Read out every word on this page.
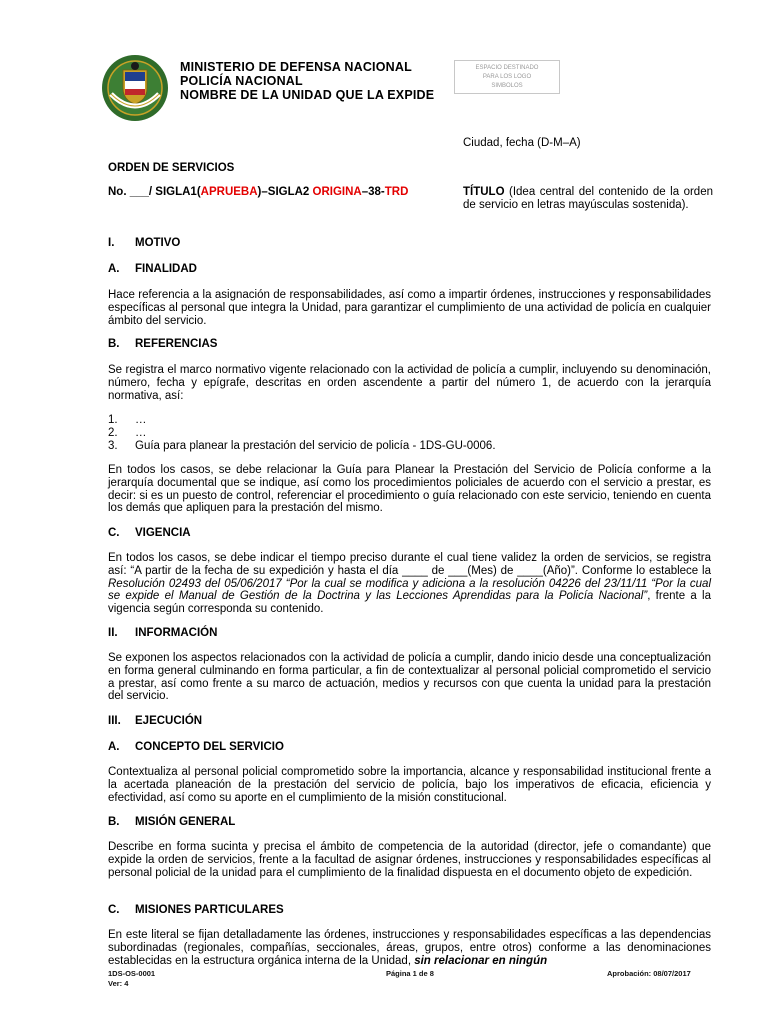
MINISTERIO DE DEFENSA NACIONAL
POLICÍA NACIONAL
NOMBRE DE LA UNIDAD QUE LA EXPIDE
ESPACIO DESTINADO
PARA LOS LOGO
SIMBOLOS
Ciudad, fecha (D-M–A)
ORDEN DE SERVICIOS
No. ___/ SIGLA1(APRUEBA)–SIGLA2 ORIGINA–38-TRD	TÍTULO (Idea central del contenido de la orden de servicio en letras mayúsculas sostenida).
I. MOTIVO
A. FINALIDAD
Hace referencia a la asignación de responsabilidades, así como a impartir órdenes, instrucciones y responsabilidades específicas al personal que integra la Unidad, para garantizar el cumplimiento de una actividad de policía en cualquier ámbito del servicio.
B. REFERENCIAS
Se registra el marco normativo vigente relacionado con la actividad de policía a cumplir, incluyendo su denominación, número, fecha y epígrafe, descritas en orden ascendente a partir del número 1, de acuerdo con la jerarquía normativa, así:
1. …
2. …
3. Guía para planear la prestación del servicio de policía - 1DS-GU-0006.
En todos los casos, se debe relacionar la Guía para Planear la Prestación del Servicio de Policía conforme a la jerarquía documental que se indique, así como los procedimientos policiales de acuerdo con el servicio a prestar, es decir: si es un puesto de control, referenciar el procedimiento o guía relacionado con este servicio, teniendo en cuenta los demás que apliquen para la prestación del mismo.
C. VIGENCIA
En todos los casos, se debe indicar el tiempo preciso durante el cual tiene validez la orden de servicios, se registra así: “A partir de la fecha de su expedición y hasta el día ____ de ___(Mes) de ____(Año)”. Conforme lo establece la Resolución 02493 del 05/06/2017 “Por la cual se modifica y adiciona a la resolución 04226 del 23/11/11 “Por la cual se expide el Manual de Gestión de la Doctrina y las Lecciones Aprendidas para la Policía Nacional”, frente a la vigencia según corresponda su contenido.
II. INFORMACIÓN
Se exponen los aspectos relacionados con la actividad de policía a cumplir, dando inicio desde una conceptualización en forma general culminando en forma particular, a fin de contextualizar al personal policial comprometido el servicio a prestar, así como frente a su marco de actuación, medios y recursos con que cuenta la unidad para la prestación del servicio.
III. EJECUCIÓN
A. CONCEPTO DEL SERVICIO
Contextualiza al personal policial comprometido sobre la importancia, alcance y responsabilidad institucional frente a la acertada planeación de la prestación del servicio de policía, bajo los imperativos de eficacia, eficiencia y efectividad, así como su aporte en el cumplimiento de la misión constitucional.
B. MISIÓN GENERAL
Describe en forma sucinta y precisa el ámbito de competencia de la autoridad (director, jefe o comandante) que expide la orden de servicios, frente a la facultad de asignar órdenes, instrucciones y responsabilidades específicas al personal policial de la unidad para el cumplimiento de la finalidad dispuesta en el documento objeto de expedición.
C. MISIONES PARTICULARES
En este literal se fijan detalladamente las órdenes, instrucciones y responsabilidades específicas a las dependencias subordinadas (regionales, compañías, seccionales, áreas, grupos, entre otros) conforme a las denominaciones establecidas en la estructura orgánica interna de la Unidad, sin relacionar en ningún
1DS-OS-0001
Ver: 4
Página 1 de 8	Aprobación: 08/07/2017
